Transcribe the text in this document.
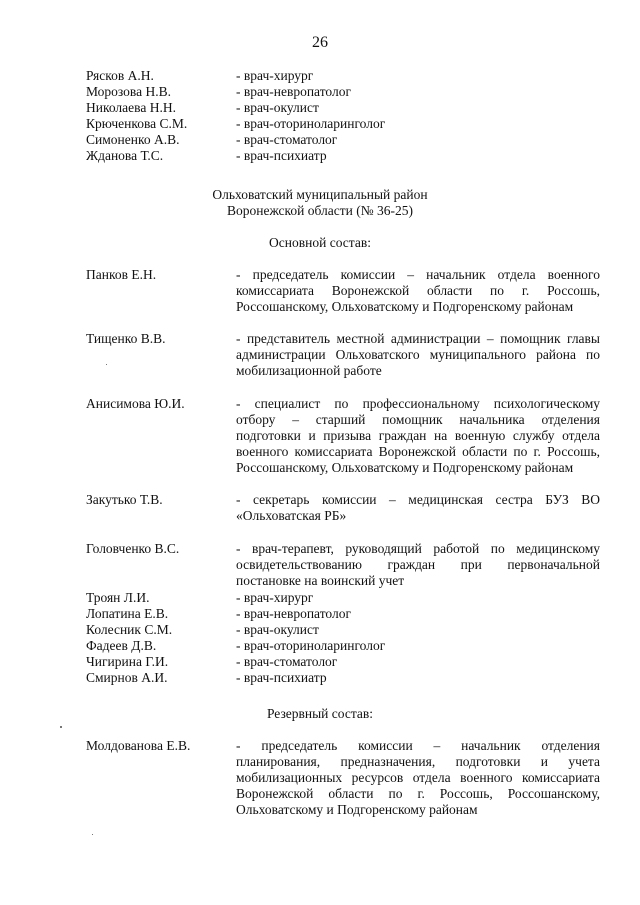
26
Рясков А.Н.	- врач-хирург
Морозова Н.В.	- врач-невропатолог
Николаева Н.Н.	- врач-окулист
Крюченкова С.М.	- врач-оториноларинголог
Симоненко А.В.	- врач-стоматолог
Жданова Т.С.	- врач-психиатр
Ольховатский муниципальный район
Воронежской области (№ 36-25)
Основной состав:
Панков Е.Н.	- председатель комиссии – начальник отдела военного
комиссариата Воронежской области по г. Россошь,
Россошанскому, Ольховатскому и Подгоренскому районам
Тищенко В.В.	- представитель местной администрации – помощник главы
администрации Ольховатского муниципального района по
мобилизационной работе
Анисимова Ю.И.	- специалист по профессиональному психологическому
отбору – старший помощник начальника отделения
подготовки и призыва граждан на военную службу отдела
военного комиссариата Воронежской области по г. Россошь,
Россошанскому, Ольховатскому и Подгоренскому районам
Закутько Т.В.	- секретарь комиссии – медицинская сестра БУЗ ВО
«Ольховатская РБ»
Головченко В.С.	- врач-терапевт, руководящий работой по медицинскому
освидетельствованию граждан при первоначальной
постановке на воинский учет
Троян Л.И.	- врач-хирург
Лопатина Е.В.	- врач-невропатолог
Колесник С.М.	- врач-окулист
Фадеев Д.В.	- врач-оториноларинголог
Чигирина Г.И.	- врач-стоматолог
Смирнов А.И.	- врач-психиатр
Резервный состав:
Молдованова Е.В.	- председатель комиссии – начальник отделения
планирования, предназначения, подготовки и учета
мобилизационных ресурсов отдела военного комиссариата
Воронежской области по г. Россошь, Россошанскому,
Ольховатскому и Подгоренскому районам
